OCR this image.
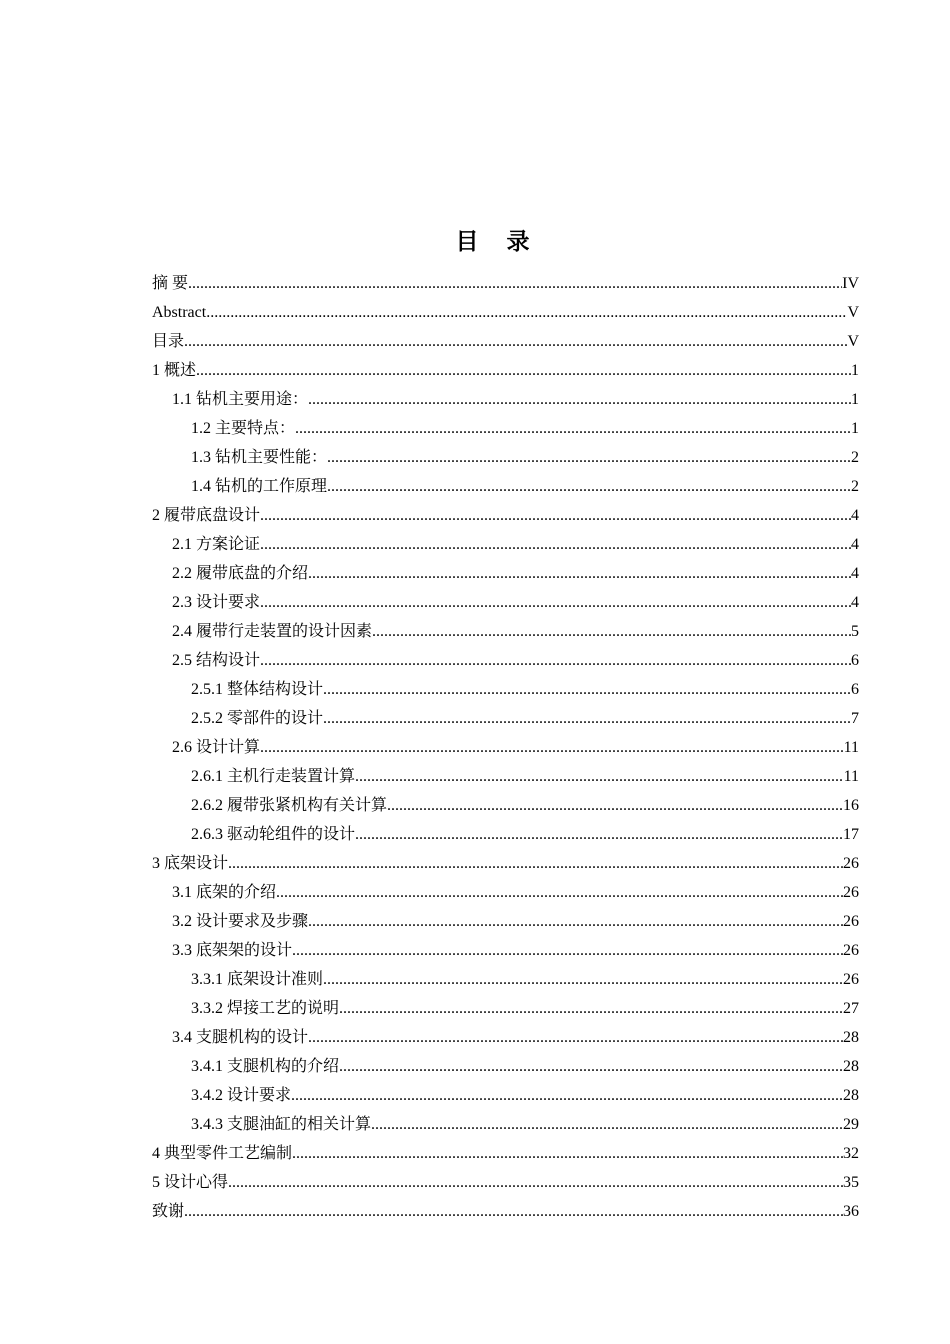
目 录
摘 要 .....	IV
Abstract .....	V
目录 .....	V
1 概述 .....	1
1.1 钻机主要用途： .....	1
1.2 主要特点： .....	1
1.3 钻机主要性能： .....	2
1.4 钻机的工作原理 .....	2
2 履带底盘设计 .....	4
2.1 方案论证 .....	4
2.2 履带底盘的介绍 .....	4
2.3 设计要求 .....	4
2.4 履带行走装置的设计因素 .....	5
2.5 结构设计 .....	6
2.5.1 整体结构设计 .....	6
2.5.2 零部件的设计 .....	7
2.6 设计计算 .....	11
2.6.1 主机行走装置计算 .....	11
2.6.2 履带张紧机构有关计算 .....	16
2.6.3 驱动轮组件的设计 .....	17
3 底架设计 .....	26
3.1 底架的介绍 .....	26
3.2 设计要求及步骤 .....	26
3.3 底架架的设计 .....	26
3.3.1 底架设计准则 .....	26
3.3.2 焊接工艺的说明 .....	27
3.4 支腿机构的设计 .....	28
3.4.1 支腿机构的介绍 .....	28
3.4.2 设计要求 .....	28
3.4.3 支腿油缸的相关计算 .....	29
4 典型零件工艺编制 .....	32
5 设计心得 .....	35
致谢 .....	36
